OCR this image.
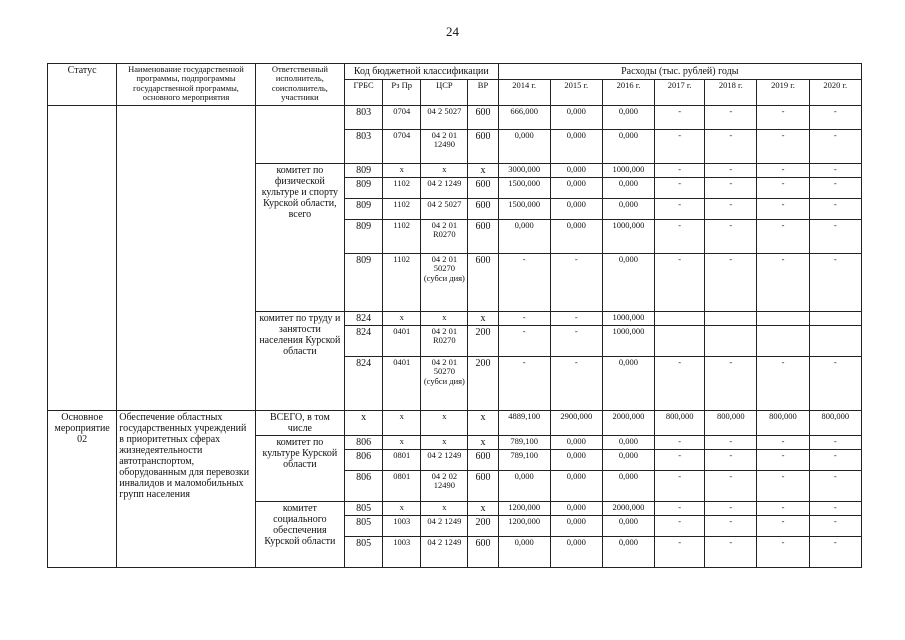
24
Статус	Наименование государственной программы, подпрограммы государственной программы, основного мероприятия	Ответственный исполнитель, соисполнитель, участники	Код бюджетной классификации				Расходы (тыс. рублей) годы						
			ГРБС	Рз Пр	ЦСР	ВР	2014 г.	2015 г.	2016 г.	2017 г.	2018 г.	2019 г.	2020 г.
			803	0704	04 2 5027	600	666,000	0,000	0,000	-	-	-	-
			803	0704	04 2 01 12490	600	0,000	0,000	0,000	-	-	-	-
		комитет по физической культуре и спорту Курской области, всего	809	x	x	x	3000,000	0,000	1000,000	-	-	-	-
			809	1102	04 2 1249	600	1500,000	0,000	0,000	-	-	-	-
			809	1102	04 2 5027	600	1500,000	0,000	0,000	-	-	-	-
			809	1102	04 2 01 R0270	600	0,000	0,000	1000,000	-	-	-	-
			809	1102	04 2 01 50270 (субси дия)	600	-	-	0,000	-	-	-	-
		комитет по труду и занятости населения Курской области	824	x	x	x	-	-	1000,000				
			824	0401	04 2 01 R0270	200	-	-	1000,000				
			824	0401	04 2 01 50270 (субси дия)	200	-	-	0,000	-	-	-	-
Основное мероприятие 02	Обеспечение областных государственных учреждений в приоритетных сферах жизнедеятельности автотранспортом, оборудованным для перевозки инвалидов и маломобильных групп населения	ВСЕГО, в том числе	x	x	x	x	4889,100	2900,000	2000,000	800,000	800,000	800,000	800,000
		комитет по культуре Курской области	806	x	x	x	789,100	0,000	0,000	-	-	-	-
			806	0801	04 2 1249	600	789,100	0,000	0,000	-	-	-	-
			806	0801	04 2 02 12490	600	0,000	0,000	0,000	-	-	-	-
		комитет социального обеспечения Курской области	805	x	x	x	1200,000	0,000	2000,000	-	-	-	-
			805	1003	04 2 1249	200	1200,000	0,000	0,000	-	-	-	-
			805	1003	04 2 1249	600	0,000	0,000	0,000	-	-	-	-
